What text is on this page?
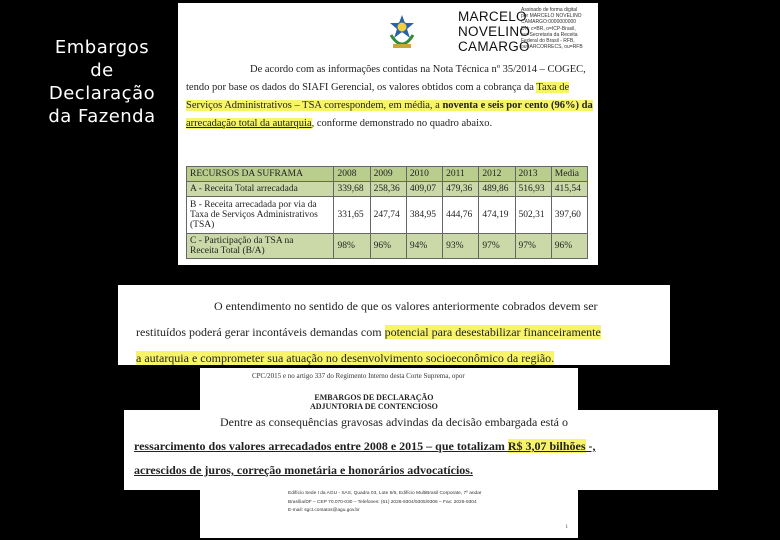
Embargos
de
Declaração
da Fazenda
MARCELO
NOVELINO
CAMARGO
Assinado de forma digital
por MARCELO NOVELINO
CAMARGO:0000000000
DN: c=BR, o=ICP-Brasil,
ou=Secretaria da Receita
Federal do Brasil - RFB,
ou=ARCORRECS, ou=RFB
De acordo com as informações contidas na Nota Técnica nº 35/2014 – COGEC,
tendo por base os dados do SIAFI Gerencial, os valores obtidos com a cobrança da Taxa de
Serviços Administrativos – TSA correspondem, em média, a noventa e seis por cento (96%) da
arrecadação total da autarquia, conforme demonstrado no quadro abaixo.
RECURSOS DA SUFRAMA	2008	2009	2010	2011	2012	2013	Media

A - Receita Total arrecadada	339,68	258,36	409,07	479,36	489,86	516,93	415,54

B - Receita arrecadada por via da
Taxa de Serviços Administrativos
(TSA)	331,65	247,74	384,95	444,76	474,19	502,31	397,60

C - Participação da TSA na
Receita Total (B/A)	98%	96%	94%	93%	97%	97%	96%
O entendimento no sentido de que os valores anteriormente cobrados devem ser
restituídos poderá gerar incontáveis demandas com potencial para desestabilizar financeiramente
a autarquia e comprometer sua atuação no desenvolvimento socioeconômico da região.
CPC/2015 e no artigo 337 do Regimento Interno desta Corte Suprema, opor
EMBARGOS DE DECLARAÇÃO
ADJUNTORIA DE CONTENCIOSO
Dentre as consequências gravosas advindas da decisão embargada está o
ressarcimento dos valores arrecadados entre 2008 e 2015 – que totalizam R$ 3,07 bilhões -,
acrescidos de juros, correção monetária e honorários advocatícios.
Edifício Sede I da AGU - SAS, Quadra 03, Lote 5/6, Edifício MultiBrasil Corporate, 7º andar
Brasília/DF – CEP 70.070-030 – Telefones: (61) 2026-9304/9305/9306 – Fax: 2026-9304
E-mail: sgct.contatos@agu.gov.br
1
